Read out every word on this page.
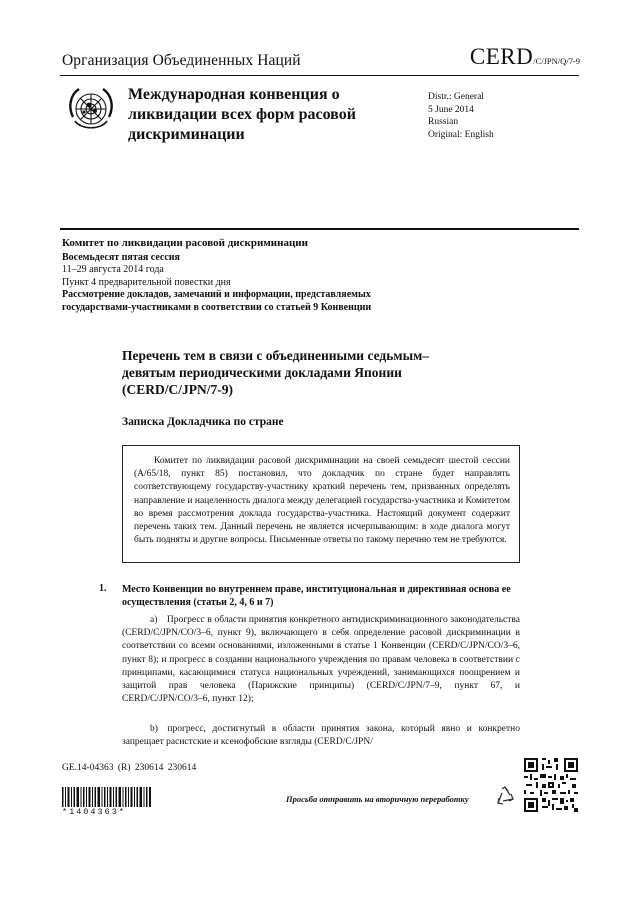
Организация Объединенных Наций	CERD/C/JPN/Q/7-9
Международная конвенция о ликвидации всех форм расовой дискриминации
Distr.: General
5 June 2014
Russian
Original: English
Комитет по ликвидации расовой дискриминации
Восемьдесят пятая сессия
11–29 августа 2014 года
Пункт 4 предварительной повестки дня
Рассмотрение докладов, замечаний и информации, представляемых государствами-участниками в соответствии со статьей 9 Конвенции
Перечень тем в связи с объединенными седьмым–девятым периодическими докладами Японии (CERD/C/JPN/7-9)
Записка Докладчика по стране
Комитет по ликвидации расовой дискриминации на своей семьдесят шестой сессии (A/65/18, пункт 85) постановил, что докладчик по стране будет направлять соответствующему государству-участнику краткий перечень тем, призванных определять направление и нацеленность диалога между делегацией государства-участника и Комитетом во время рассмотрения доклада государства-участника. Настоящий документ содержит перечень таких тем. Данный перечень не является исчерпывающим: в ходе диалога могут быть подняты и другие вопросы. Письменные ответы по такому перечню тем не требуются.
1. Место Конвенции во внутреннем праве, институциональная и директивная основа ее осуществления (статьи 2, 4, 6 и 7)
a) Прогресс в области принятия конкретного антидискриминационного законодательства (CERD/C/JPN/CO/3–6, пункт 9), включающего в себя определение расовой дискриминации в соответствии со всеми основаниями, изложенными в статье 1 Конвенции (CERD/C/JPN/CO/3–6, пункт 8); и прогресс в создании национального учреждения по правам человека в соответствии с принципами, касающимися статуса национальных учреждений, занимающихся поощрением и защитой прав человека (Парижские принципы) (CERD/C/JPN/7–9, пункт 67, и CERD/C/JPN/CO/3–6, пункт 12);
b) прогресс, достигнутый в области принятия закона, который явно и конкретно запрещает расистские и ксенофобские взгляды (CERD/C/JPN/
GE.14-04363 (R) 230614 230614
*1404363*
Просьба отправить на вторичную переработку
